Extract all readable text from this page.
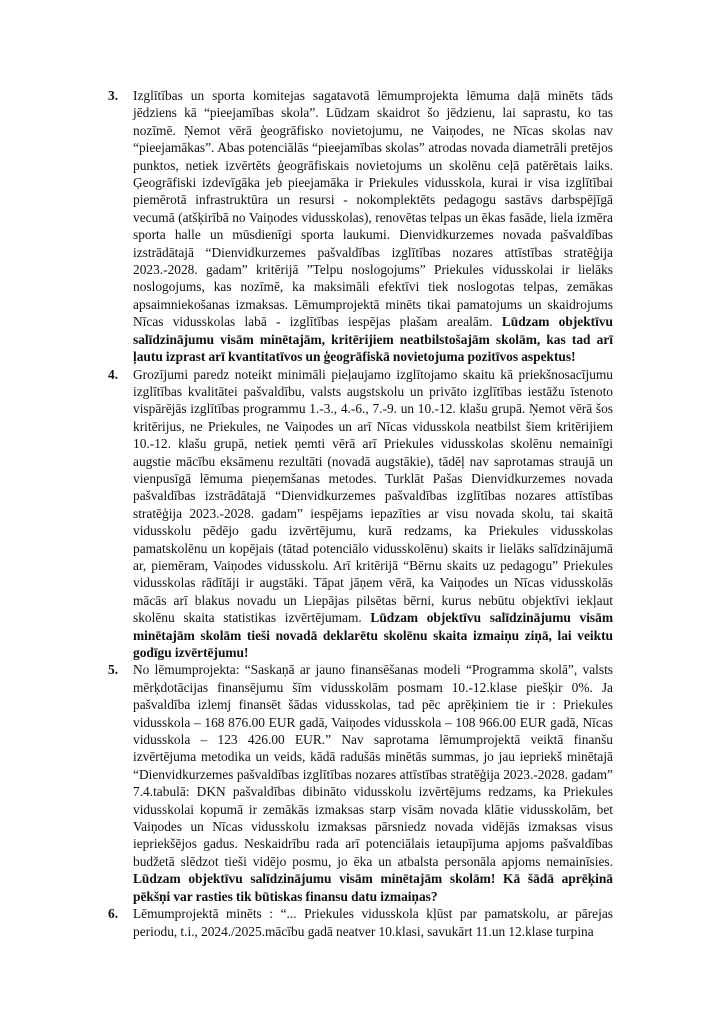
3. Izglītības un sporta komitejas sagatavotā lēmumprojekta lēmuma daļā minēts tāds jēdziens kā “pieejamības skola”. Lūdzam skaidrot šo jēdzienu, lai saprastu, ko tas nozīmē. Ņemot vērā ģeogrāfisko novietojumu, ne Vaiņodes, ne Nīcas skolas nav “pieejamākas”. Abas potenciālās “pieejamības skolas” atrodas novada diametrāli pretējos punktos, netiek izvērtēts ģeogrāfiskais novietojums un skolēnu ceļā patērētais laiks. Ģeogrāfiski izdevīgāka jeb pieejamāka ir Priekules vidusskola, kurai ir visa izglītībai piemērotā infrastruktūra un resursi - nokomplektēts pedagogu sastāvs darbspējīgā vecumā (atšķirībā no Vaiņodes vidusskolas), renovētas telpas un ēkas fasāde, liela izmēra sporta halle un mūsdienīgi sporta laukumi. Dienvidkurzemes novada pašvaldības izstrādātajā “Dienvidkurzemes pašvaldības izglītības nozares attīstības stratēģija 2023.-2028. gadam” kritērijā ”Telpu noslogojums” Priekules vidusskolai ir lielāks noslogojums, kas nozīmē, ka maksimāli efektīvi tiek noslogotas telpas, zemākas apsaimniekošanas izmaksas. Lēmumprojektā minēts tikai pamatojums un skaidrojums Nīcas vidusskolas labā - izglītības iespējas plašam arealām. Lūdzam objektīvu salīdzinājumu visām minētajām, kritērijiem neatbilstošajām skolām, kas tad arī ļautu izprast arī kvantitatīvos un ģeogrāfiskā novietojuma pozitīvos aspektus!
4. Grozījumi paredz noteikt minimāli pieļaujamo izglītojamo skaitu kā priekšnosacījumu izglītības kvalitātei pašvaldību, valsts augstskolu un privāto izglītības iestāžu īstenoto vispārējās izglītības programmu 1.-3., 4.-6., 7.-9. un 10.-12. klašu grupā. Ņemot vērā šos kritērijus, ne Priekules, ne Vaiņodes un arī Nīcas vidusskola neatbilst šiem kritērijiem 10.-12. klašu grupā, netiek ņemti vērā arī Priekules vidusskolas skolēnu nemainīgi augstie mācību eksāmenu rezultāti (novadā augstākie), tādēļ nav saprotamas straujā un vienpusīgā lēmuma pieņemšanas metodes. Turklāt Pašas Dienvidkurzemes novada pašvaldības izstrādātajā “Dienvidkurzemes pašvaldības izglītības nozares attīstības stratēģija 2023.-2028. gadam” iespējams iepazīties ar visu novada skolu, tai skaitā vidusskolu pēdējo gadu izvērtējumu, kurā redzams, ka Priekules vidusskolas pamatskolēnu un kopējais (tātad potenciālo vidusskolēnu) skaits ir lielāks salīdzinājumā ar, piemēram, Vaiņodes vidusskolu. Arī kritērijā “Bērnu skaits uz pedagogu” Priekules vidusskolas rādītāji ir augstāki. Tāpat jāņem vērā, ka Vaiņodes un Nīcas vidusskolās mācās arī blakus novadu un Liepājas pilsētas bērni, kurus nebūtu objektīvi iekļaut skolēnu skaita statistikas izvērtējumam. Lūdzam objektīvu salīdzinājumu visām minētajām skolām tieši novadā deklarētu skolēnu skaita izmaiņu ziņā, lai veiktu godīgu izvērtējumu!
5. No lēmumprojekta: “Saskaņā ar jauno finansēšanas modeli “Programma skolā”, valsts mērķdotācijas finansējumu šīm vidusskolām posmam 10.-12.klase piešķir 0%. Ja pašvaldība izlemj finansēt šādas vidusskolas, tad pēc aprēķiniem tie ir : Priekules vidusskola – 168 876.00 EUR gadā, Vaiņodes vidusskola – 108 966.00 EUR gadā, Nīcas vidusskola – 123 426.00 EUR.” Nav saprotama lēmumprojektā veiktā finanšu izvērtējuma metodika un veids, kādā radušās minētās summas, jo jau iepriekš minētajā “Dienvidkurzemes pašvaldības izglītības nozares attīstības stratēģija 2023.-2028. gadam” 7.4.tabulā: DKN pašvaldības dibināto vidusskolu izvērtējums redzams, ka Priekules vidusskolai kopumā ir zemākās izmaksas starp visām novada klātie vidusskolām, bet Vaiņodes un Nīcas vidusskolu izmaksas pārsniedz novada vidējās izmaksas visus iepriekšējos gadus. Neskaidrību rada arī potenciālais ietaupījuma apjoms pašvaldības budžetā slēdzot tieši vidējo posmu, jo ēka un atbalsta personāla apjoms nemainīsies. Lūdzam objektīvu salīdzinājumu visām minētajām skolām! Kā šādā aprēķinā pēkšņi var rasties tik būtiskas finansu datu izmaiņas?
6. Lēmumprojektā minēts : “... Priekules vidusskola kļūst par pamatskolu, ar pārejas periodu, t.i., 2024./2025.mācību gadā neatver 10.klasi, savukārt 11.un 12.klase turpina
